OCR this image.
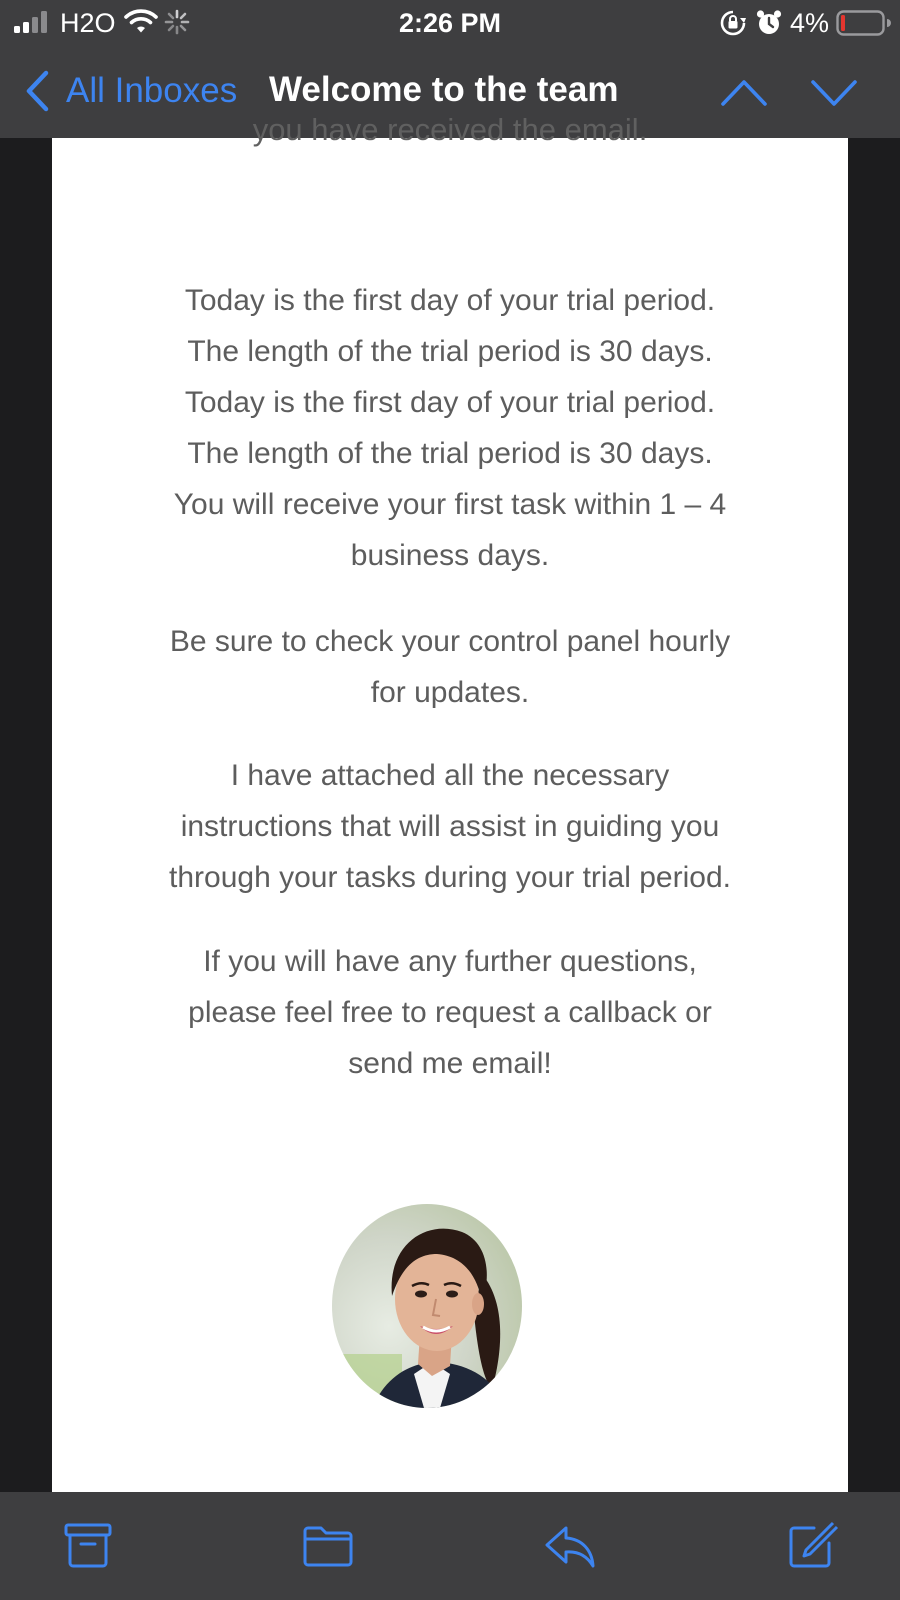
H2O	2:26 PM	4%
All Inboxes Welcome to the team
you have received the email.

Today is the first day of your trial period.
The length of the trial period is 30 days.
Today is the first day of your trial period.
The length of the trial period is 30 days.
You will receive your first task within 1 – 4
business days.

Be sure to check your control panel hourly
for updates.

I have attached all the necessary
instructions that will assist in guiding you
through your tasks during your trial period.

If you will have any further questions,
please feel free to request a callback or
send me email!
